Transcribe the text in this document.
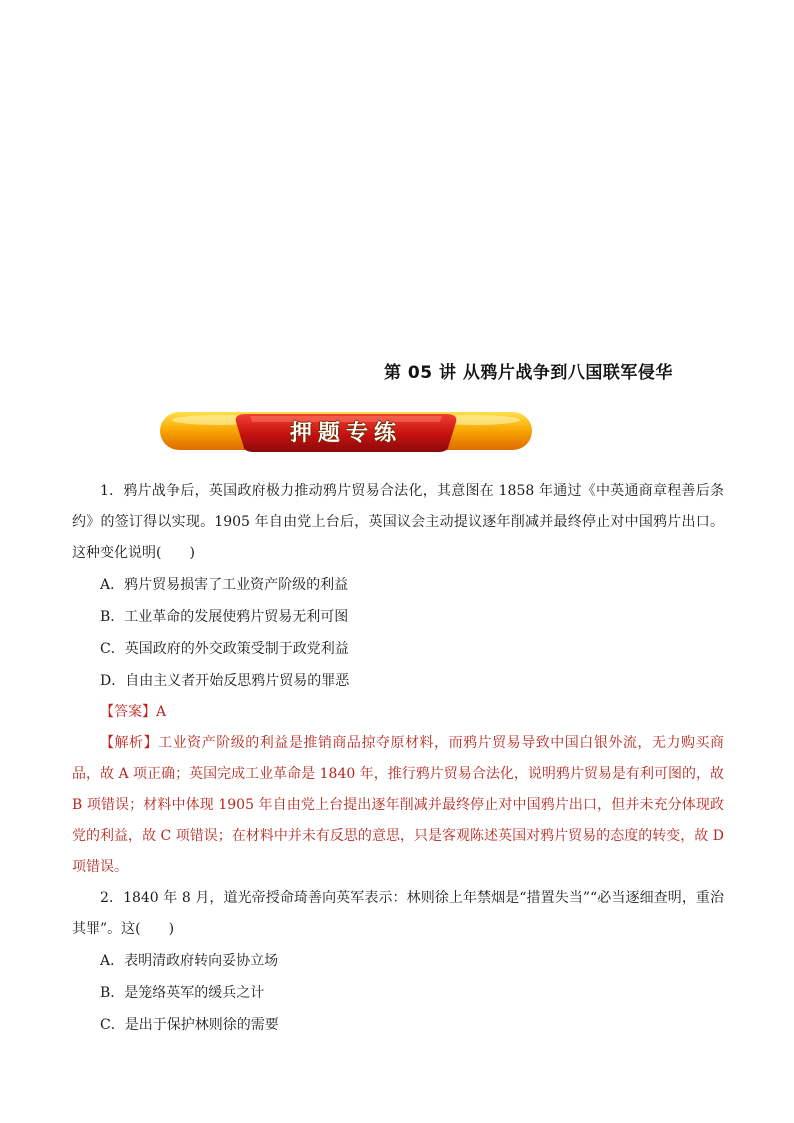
第 05 讲 从鸦片战争到八国联军侵华
押题专练

1．鸦片战争后，英国政府极力推动鸦片贸易合法化，其意图在 1858 年通过《中英通商章程善后条约》的签订得以实现。1905 年自由党上台后，英国议会主动提议逐年削减并最终停止对中国鸦片出口。这种变化说明(　　)

A．鸦片贸易损害了工业资产阶级的利益

B．工业革命的发展使鸦片贸易无利可图

C．英国政府的外交政策受制于政党利益

D．自由主义者开始反思鸦片贸易的罪恶

【答案】A

【解析】工业资产阶级的利益是推销商品掠夺原材料，而鸦片贸易导致中国白银外流，无力购买商品，故 A 项正确；英国完成工业革命是 1840 年，推行鸦片贸易合法化，说明鸦片贸易是有利可图的，故 B 项错误；材料中体现 1905 年自由党上台提出逐年削减并最终停止对中国鸦片出口，但并未充分体现政党的利益，故 C 项错误；在材料中并未有反思的意思，只是客观陈述英国对鸦片贸易的态度的转变，故 D 项错误。

2．1840 年 8 月，道光帝授命琦善向英军表示：林则徐上年禁烟是“措置失当”“必当逐细查明，重治其罪”。这(　　)

A．表明清政府转向妥协立场

B．是笼络英军的缓兵之计

C．是出于保护林则徐的需要
